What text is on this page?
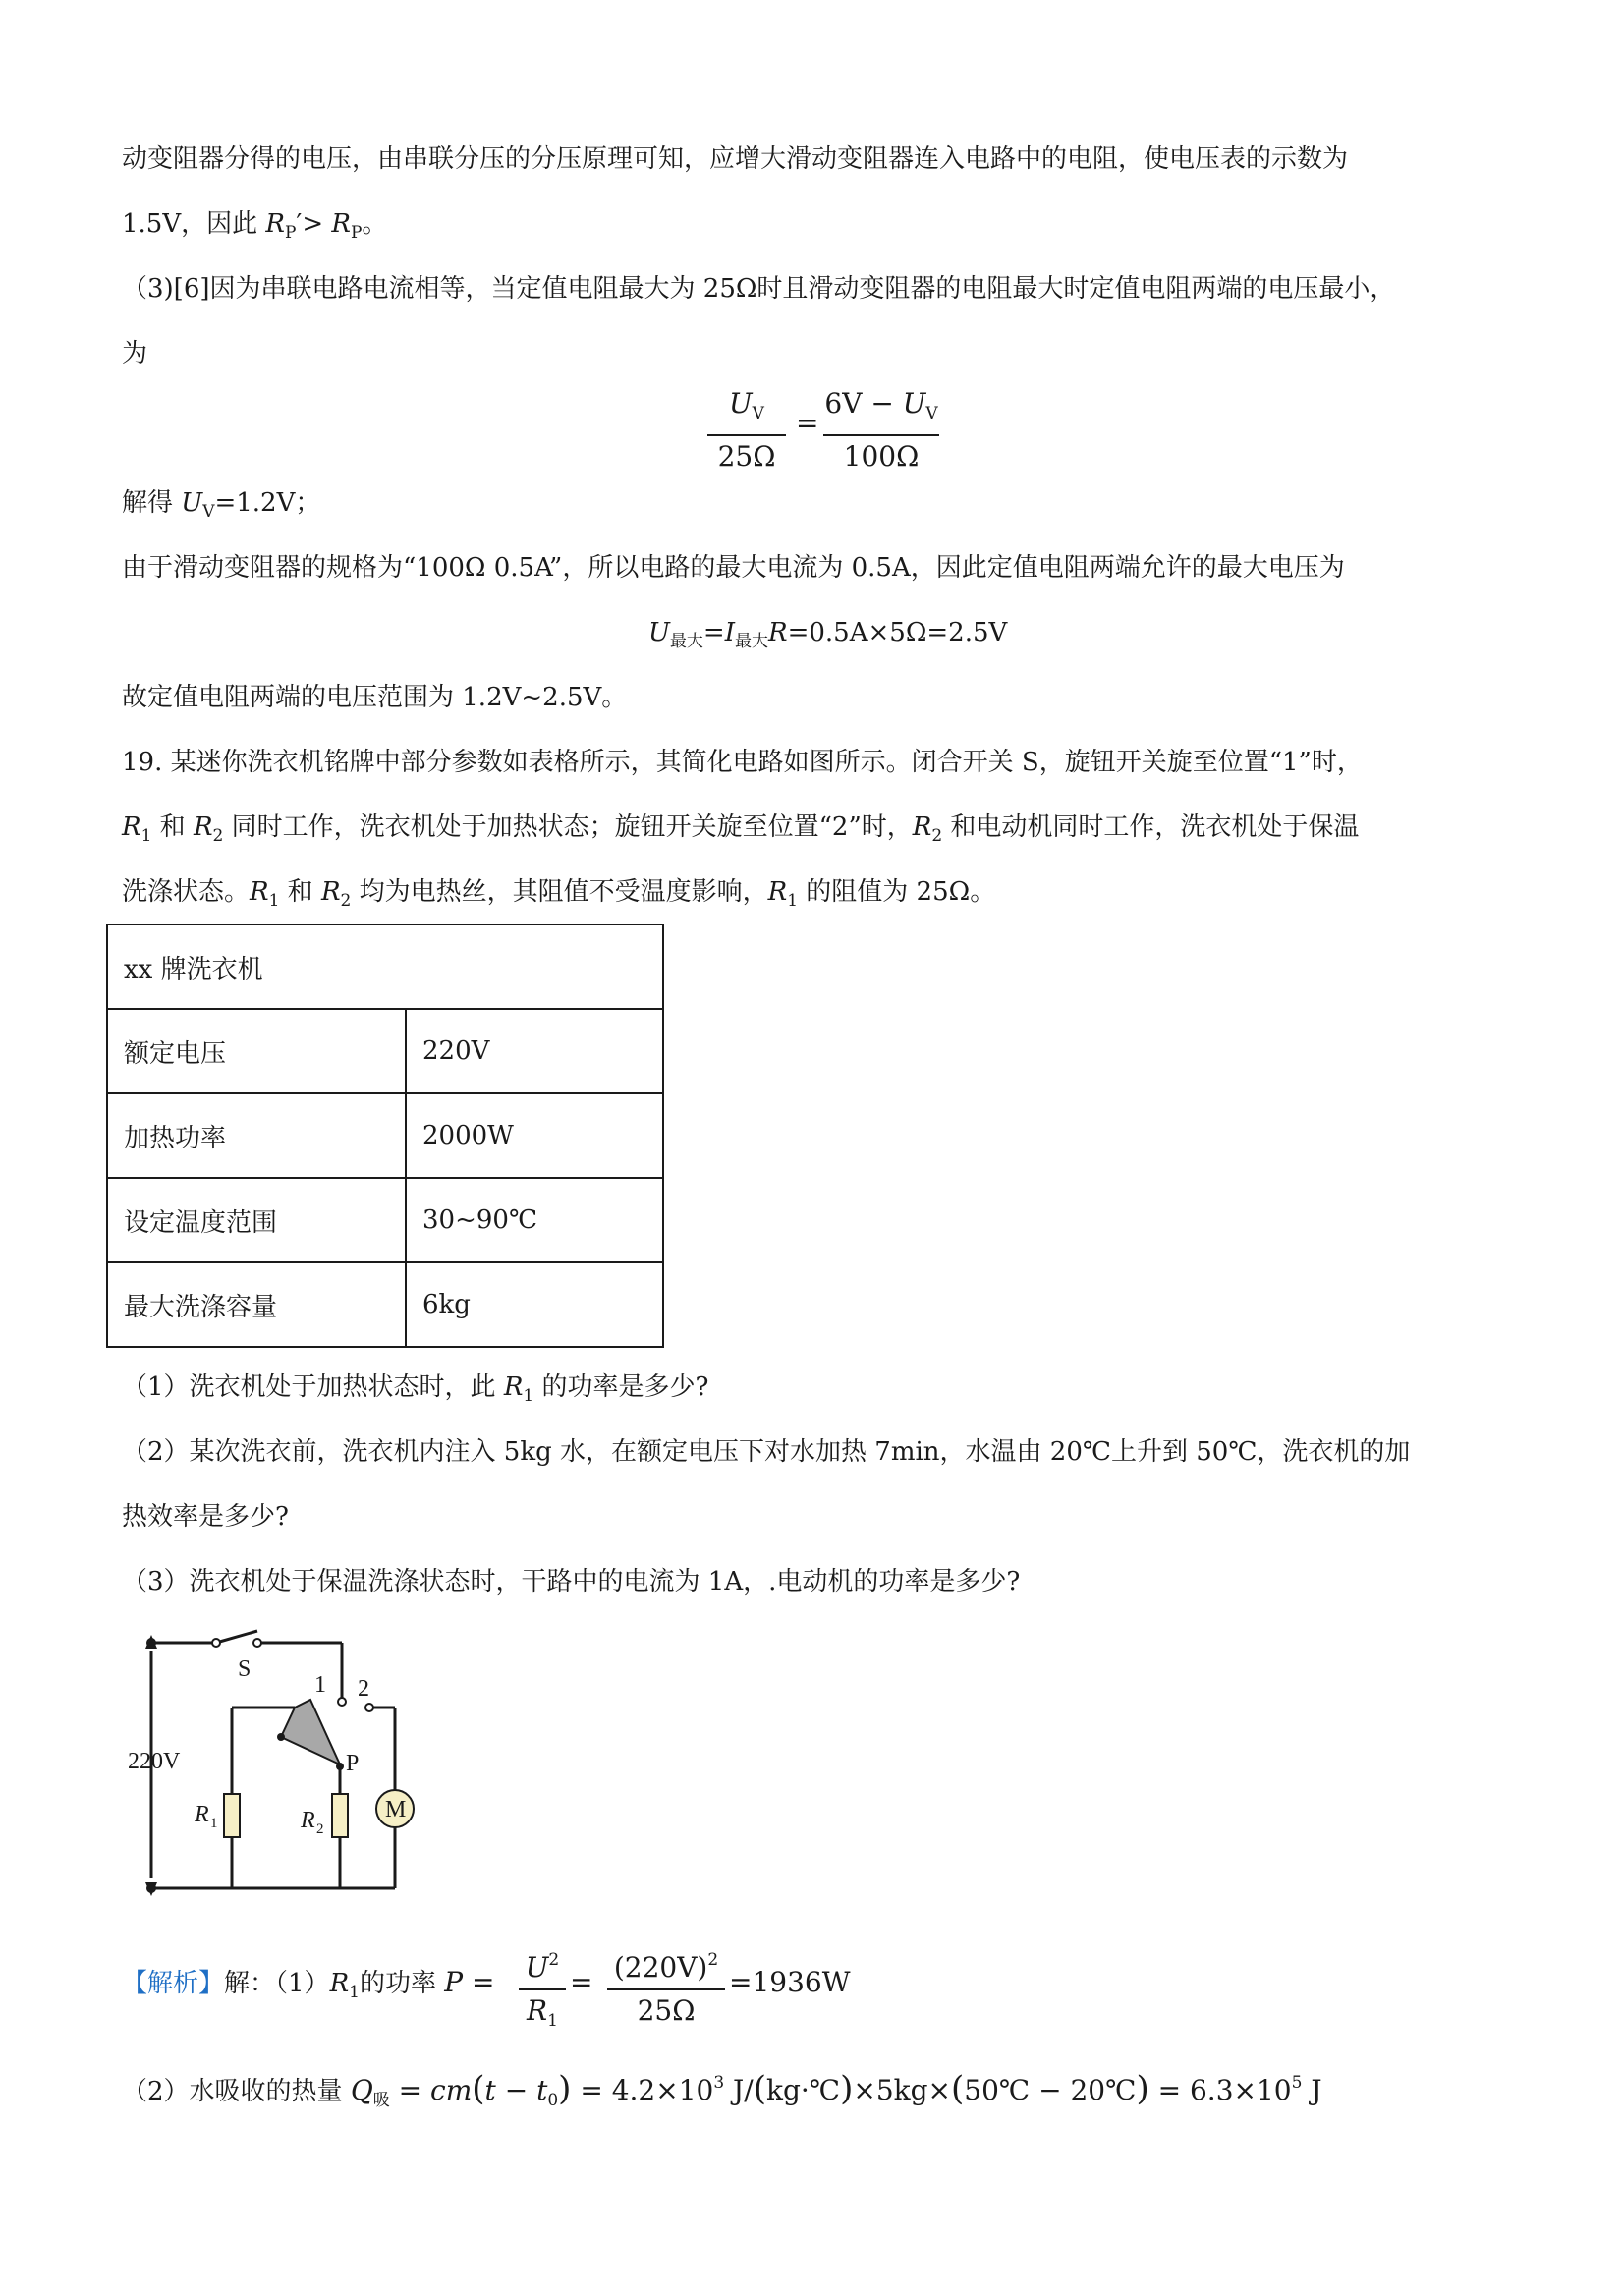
动变阻器分得的电压，由串联分压的分压原理可知，应增大滑动变阻器连入电路中的电阻，使电压表的示数为
1.5V，因此 $R_P'> R_P$。
（3)[6]因为串联电路电流相等，当定值电阻最大为 25Ω时且滑动变阻器的电阻最大时定值电阻两端的电压最小，
为
$U_V$
25Ω
=
$6V - U_V$
100Ω
解得 $U_V=1.2V$；
由于滑动变阻器的规格为“100Ω 0.5A”，所以电路的最大电流为 0.5A，因此定值电阻两端允许的最大电压为
$U_{最大}=I_{最大}R=0.5A\times 5\Omega=2.5V$
故定值电阻两端的电压范围为 1.2V~2.5V。
19. 某迷你洗衣机铭牌中部分参数如表格所示，其简化电路如图所示。闭合开关 S，旋钮开关旋至位置“1”时，
$R_1$ 和 $R_2$ 同时工作，洗衣机处于加热状态；旋钮开关旋至位置“2”时，$R_2$ 和电动机同时工作，洗衣机处于保温
洗涤状态。$R_1$ 和 $R_2$ 均为电热丝，其阻值不受温度影响，$R_1$ 的阻值为 25Ω。
xx 牌洗衣机	
额定电压	220V
加热功率	2000W
设定温度范围	30~90℃
最大洗涤容量	6kg
（1）洗衣机处于加热状态时，此 $R_1$ 的功率是多少?
（2）某次洗衣前，洗衣机内注入 5kg 水，在额定电压下对水加热 7min，水温由 20℃上升到 50℃，洗衣机的加
热效率是多少?
（3）洗衣机处于保温洗涤状态时，干路中的电流为 1A，.电动机的功率是多少?
S
1 2
220V	P
M
R 1	R 2
【解析】解：$(1)R_1$的功率 $P = U^2$
$R_1$
= $(220V)^2$
25Ω
=1936W
（2）水吸收的热量 $Q_吸 = cm(t - t_0) = 4.2\times 10^3$ J/(kg·℃)×5kg×(50℃ − 20℃) = $6.3\times 10^5$ J
